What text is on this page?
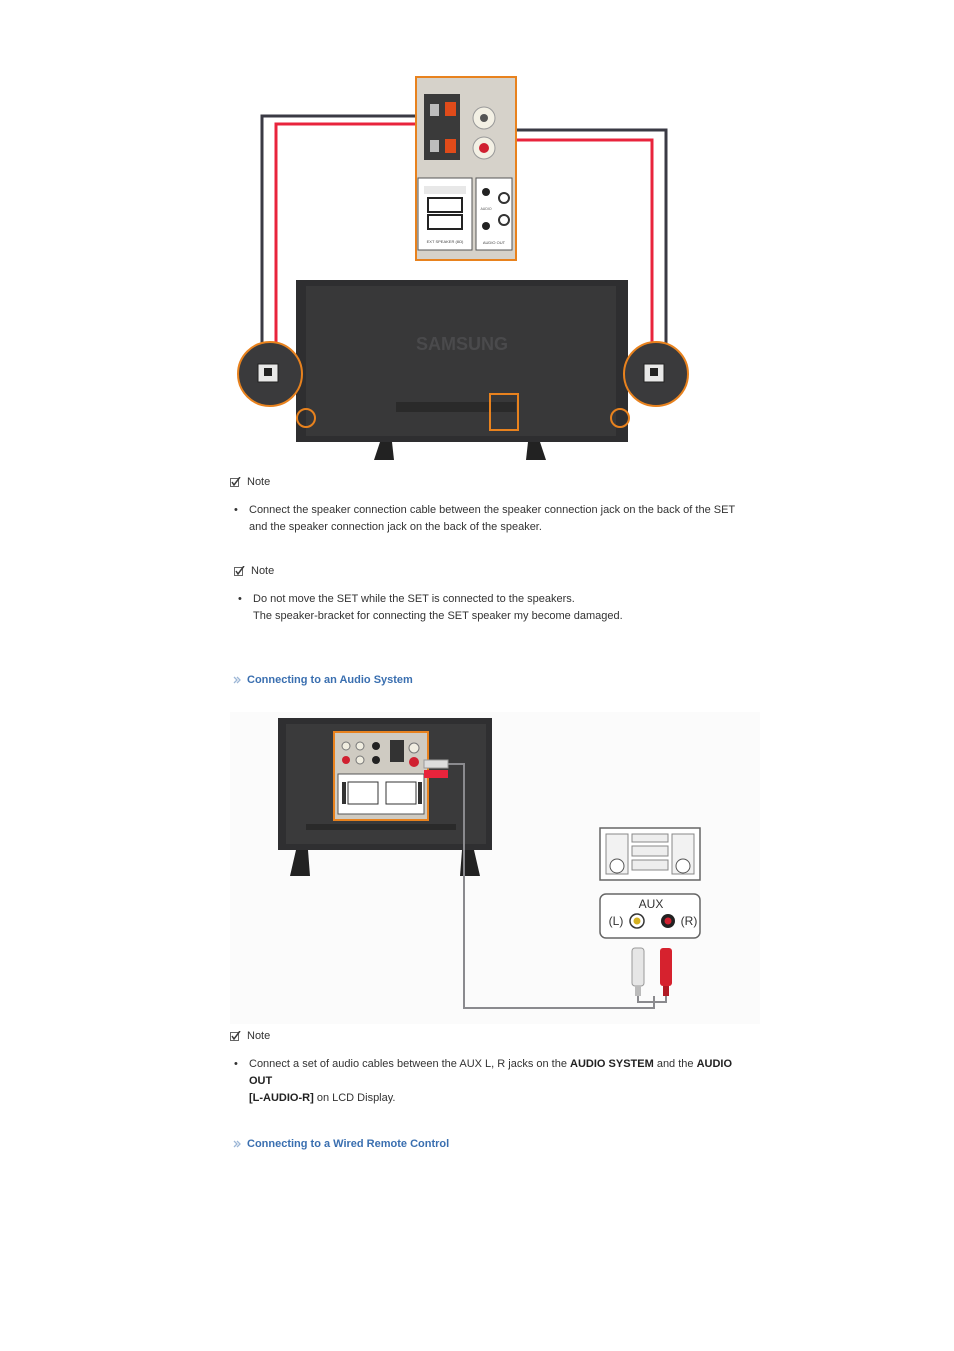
EXT SPEAKER (8Ω)	AUDIO OUT
AUDIO
SAMSUNG
Note
• Connect the speaker connection cable between the speaker connection jack on the back of the SET and the speaker connection jack on the back of the speaker.
Note
• Do not move the SET while the SET is connected to the speakers.
The speaker-bracket for connecting the SET speaker my become damaged.
Connecting to an Audio System
AUX
(L)	(R)
Note
• Connect a set of audio cables between the AUX L, R jacks on the AUDIO SYSTEM and the AUDIO OUT
[L-AUDIO-R] on LCD Display.
Connecting to a Wired Remote Control
